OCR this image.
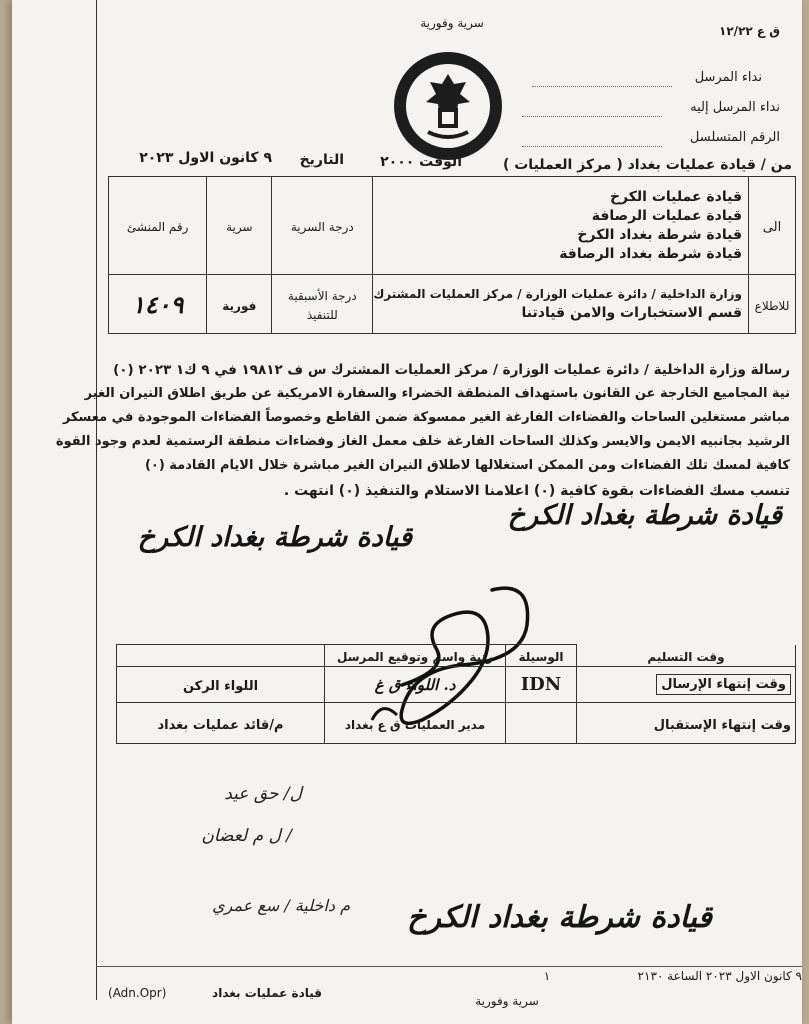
سرية وفورية
ق ع ١٢/٢٢
نداء المرسل
نداء المرسل إليه
الرقم المتسلسل
من / قيادة عمليات بغداد ( مركز العمليات )
الوقت ٢٠٠٠
التاريخ
٩ كانون الاول ٢٠٢٣
الى	قيادة عمليات الكرخ
قيادة عمليات الرصافة
قيادة شرطة بغداد الكرخ
قيادة شرطة بغداد الرصافة	درجة السرية	سرية	رقم المنشئ
للاطلاع	وزارة الداخلية / دائرة عمليات الوزارة / مركز العمليات المشترك
قسم الاستخبارات والامن قيادتنا	درجة الأسبقية للتنفيذ	فورية	١٤٠٩
رسالة وزارة الداخلية / دائرة عمليات الوزارة / مركز العمليات المشترك س ف ١٩٨١٢ في ٩ ك١ ٢٠٢٣ (٠)
نية المجاميع الخارجة عن القانون باستهداف المنطقة الخضراء والسفارة الامريكية عن طريق اطلاق النيران الغير
مباشر مستغلين الساحات والفضاءات الفارغة الغير ممسوكة ضمن القاطع وخصوصاً الفضاءات الموجودة في معسكر
الرشيد بجانبيه الايمن والايسر وكذلك الساحات الفارغة خلف معمل الغاز وفضاءات منطقة الرستمية لعدم وجود القوة
كافية لمسك تلك الفضاءات ومن الممكن استغلالها لاطلاق النيران الغير مباشرة خلال الايام القادمة (٠)
تنسب مسك الفضاءات بقوة كافية (٠) اعلامنا الاستلام والتنفيذ (٠) انتهت .
قيادة شرطة بغداد الكرخ
قيادة شرطة بغداد الكرخ
وقت التسليم	الوسيلة	رتبة واسم وتوقيع المرسل	

وقت إنتهاء الإرسال	IDN	د. اللواء ق غ	اللواء الركن
وقت إنتهاء الإستقبال		مدير العمليات ق ع بغداد	م/قائد عمليات بغداد
ل/ حق عيد
/ ل م لعضان
م داخلية / سع عمري	قيادة شرطة بغداد الكرخ
٩ كانون الاول ٢٠٢٣ الساعة ٢١٣٠
١
سرية وفورية
قيادة عمليات بغداد
(Adn.Opr)
